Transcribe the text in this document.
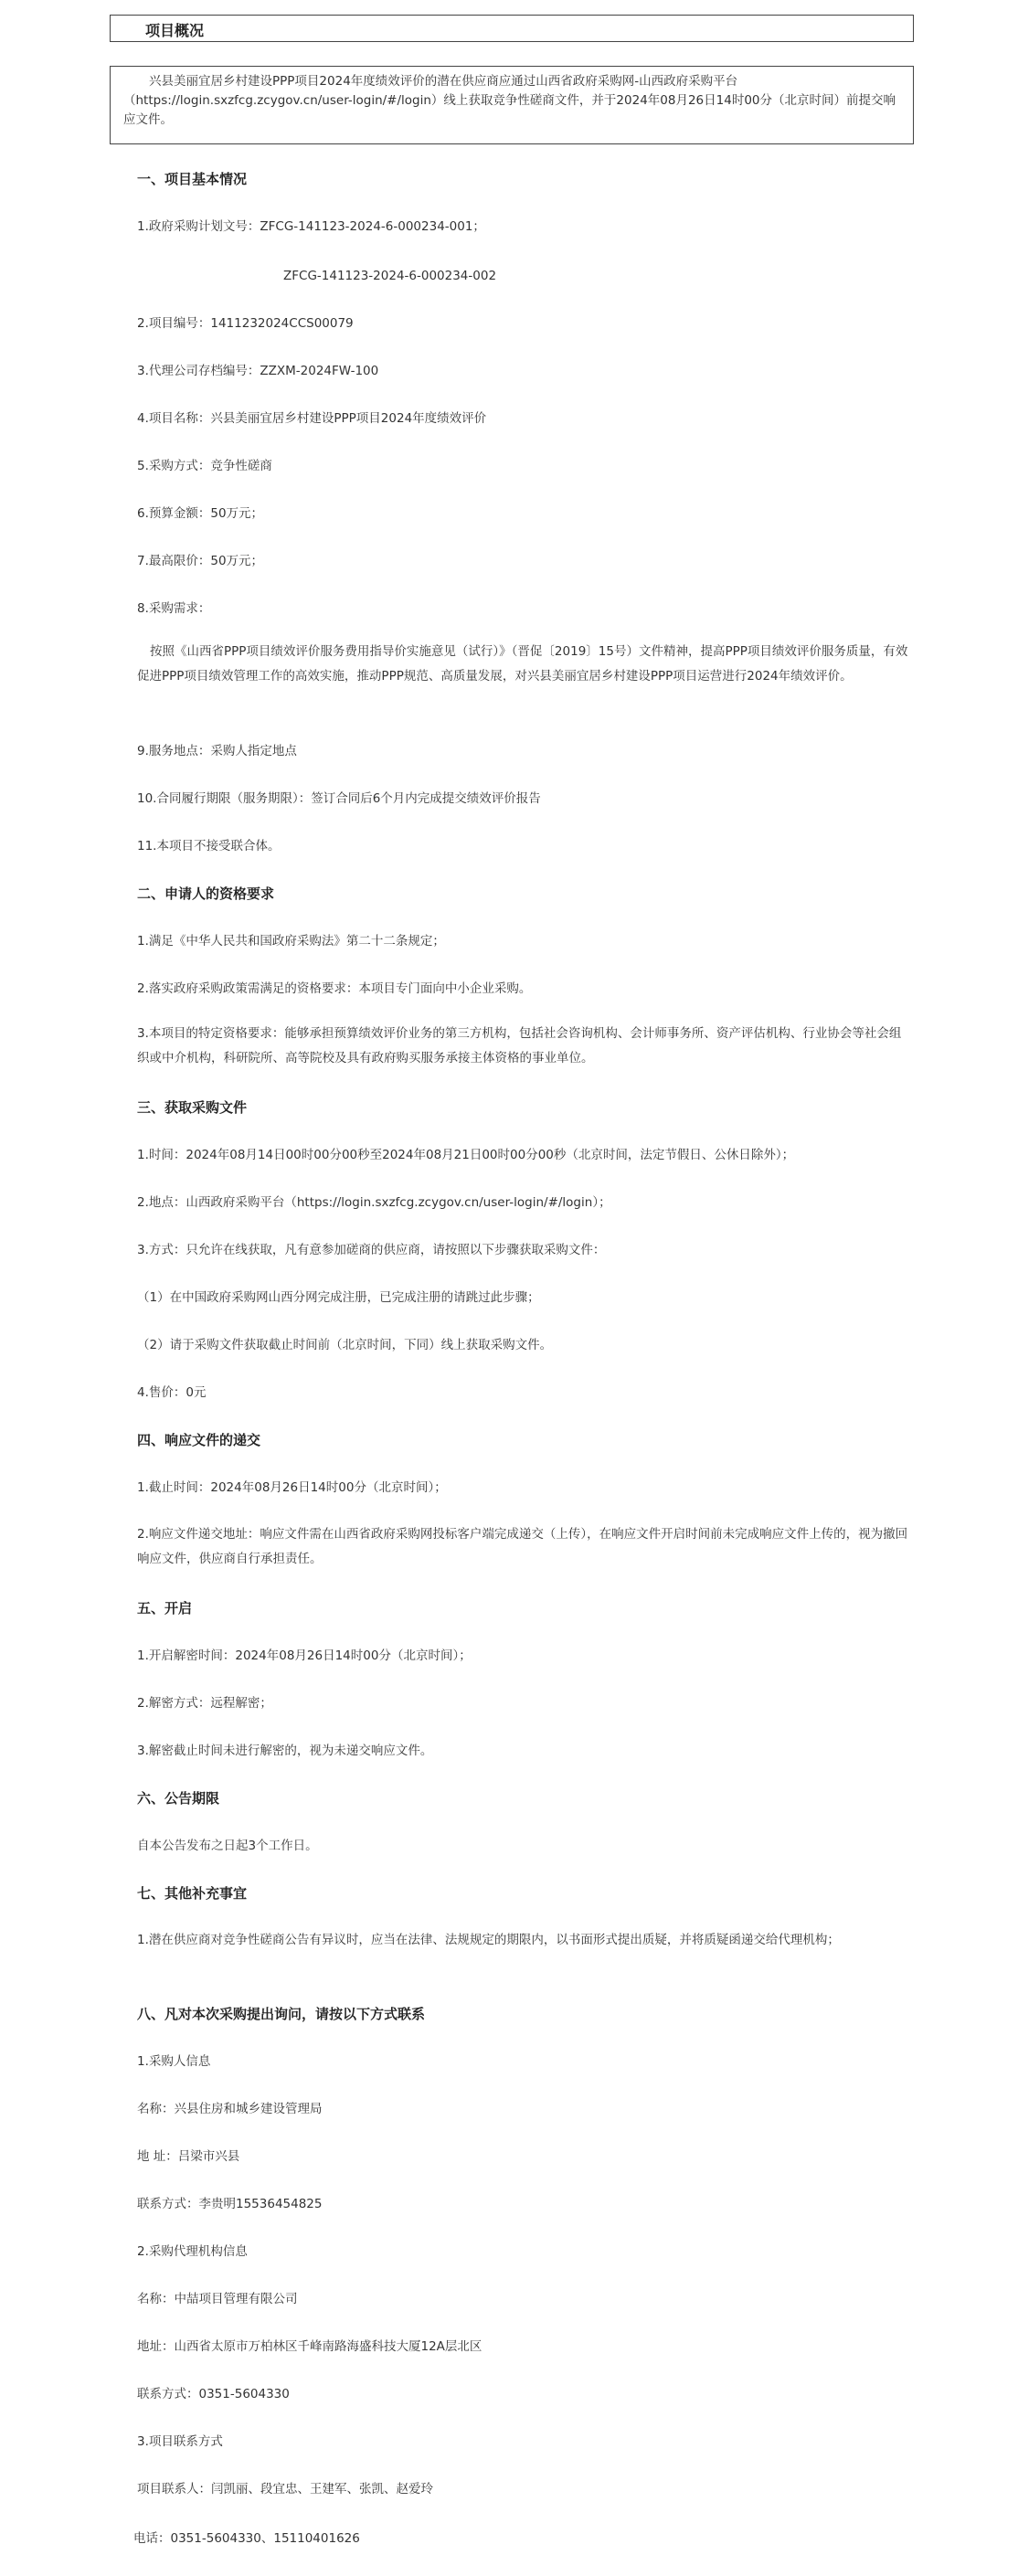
项目概况
兴县美丽宜居乡村建设PPP项目2024年度绩效评价的潜在供应商应通过山西省政府采购网-山西政府采购平台（https://login.sxzfcg.zcygov.cn/user-login/#/login）线上获取竞争性磋商文件，并于2024年08月26日14时00分（北京时间）前提交响应文件。
一、项目基本情况
1.政府采购计划文号：ZFCG-141123-2024-6-000234-001；
ZFCG-141123-2024-6-000234-002
2.项目编号：1411232024CCS00079
3.代理公司存档编号：ZZXM-2024FW-100
4.项目名称：兴县美丽宜居乡村建设PPP项目2024年度绩效评价
5.采购方式：竞争性磋商
6.预算金额：50万元；
7.最高限价：50万元；
8.采购需求：
按照《山西省PPP项目绩效评价服务费用指导价实施意见（试行）》（晋促〔2019〕15号）文件精神，提高PPP项目绩效评价服务质量，有效促进PPP项目绩效管理工作的高效实施，推动PPP规范、高质量发展，对兴县美丽宜居乡村建设PPP项目运营进行2024年绩效评价。
9.服务地点：采购人指定地点
10.合同履行期限（服务期限）：签订合同后6个月内完成提交绩效评价报告
11.本项目不接受联合体。
二、申请人的资格要求
1.满足《中华人民共和国政府采购法》第二十二条规定；
2.落实政府采购政策需满足的资格要求：本项目专门面向中小企业采购。
3.本项目的特定资格要求：能够承担预算绩效评价业务的第三方机构，包括社会咨询机构、会计师事务所、资产评估机构、行业协会等社会组织或中介机构，科研院所、高等院校及具有政府购买服务承接主体资格的事业单位。
三、获取采购文件
1.时间：2024年08月14日00时00分00秒至2024年08月21日00时00分00秒（北京时间，法定节假日、公休日除外）；
2.地点：山西政府采购平台（https://login.sxzfcg.zcygov.cn/user-login/#/login）；
3.方式：只允许在线获取，凡有意参加磋商的供应商，请按照以下步骤获取采购文件：
（1）在中国政府采购网山西分网完成注册，已完成注册的请跳过此步骤；
（2）请于采购文件获取截止时间前（北京时间，下同）线上获取采购文件。
4.售价：0元
四、响应文件的递交
1.截止时间：2024年08月26日14时00分（北京时间）；
2.响应文件递交地址：响应文件需在山西省政府采购网投标客户端完成递交（上传），在响应文件开启时间前未完成响应文件上传的，视为撤回响应文件，供应商自行承担责任。
五、开启
1.开启解密时间：2024年08月26日14时00分（北京时间）；
2.解密方式：远程解密；
3.解密截止时间未进行解密的，视为未递交响应文件。
六、公告期限
自本公告发布之日起3个工作日。
七、其他补充事宜
1.潜在供应商对竞争性磋商公告有异议时，应当在法律、法规规定的期限内，以书面形式提出质疑，并将质疑函递交给代理机构；
八、凡对本次采购提出询问，请按以下方式联系
1.采购人信息
名称：兴县住房和城乡建设管理局
地 址：吕梁市兴县
联系方式：李贵明15536454825
2.采购代理机构信息
名称：中喆项目管理有限公司
地址：山西省太原市万柏林区千峰南路海盛科技大厦12A层北区
联系方式：0351-5604330
3.项目联系方式
项目联系人：闫凯丽、段宜忠、王建军、张凯、赵爱玲
电话：0351-5604330、15110401626
